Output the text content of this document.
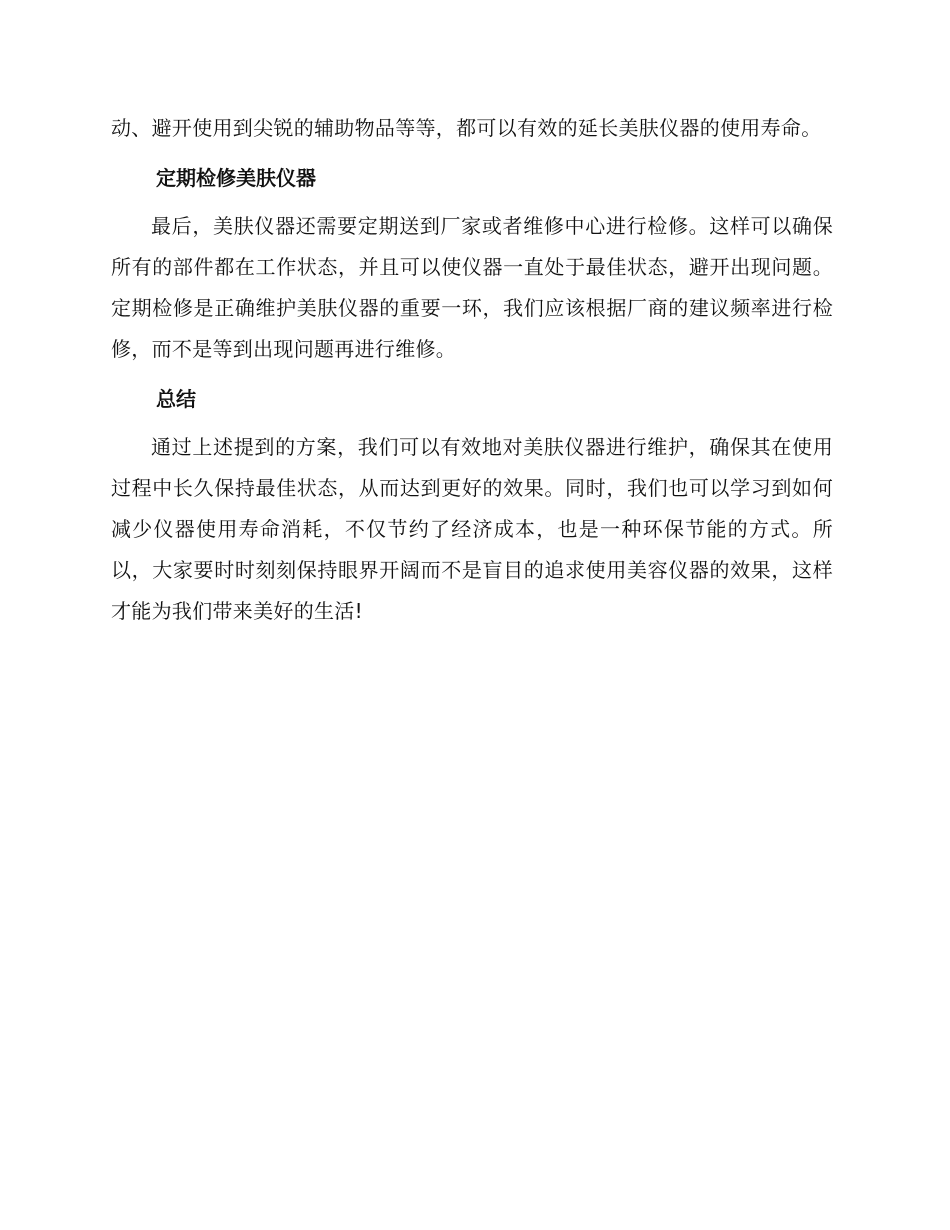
动、避开使用到尖锐的辅助物品等等，都可以有效的延长美肤仪器的使用寿命。

定期检修美肤仪器

最后，美肤仪器还需要定期送到厂家或者维修中心进行检修。这样可以确保所有的部件都在工作状态，并且可以使仪器一直处于最佳状态，避开出现问题。定期检修是正确维护美肤仪器的重要一环，我们应该根据厂商的建议频率进行检修，而不是等到出现问题再进行维修。

总结

通过上述提到的方案，我们可以有效地对美肤仪器进行维护，确保其在使用过程中长久保持最佳状态，从而达到更好的效果。同时，我们也可以学习到如何减少仪器使用寿命消耗，不仅节约了经济成本，也是一种环保节能的方式。所以，大家要时时刻刻保持眼界开阔而不是盲目的追求使用美容仪器的效果，这样才能为我们带来美好的生活!
